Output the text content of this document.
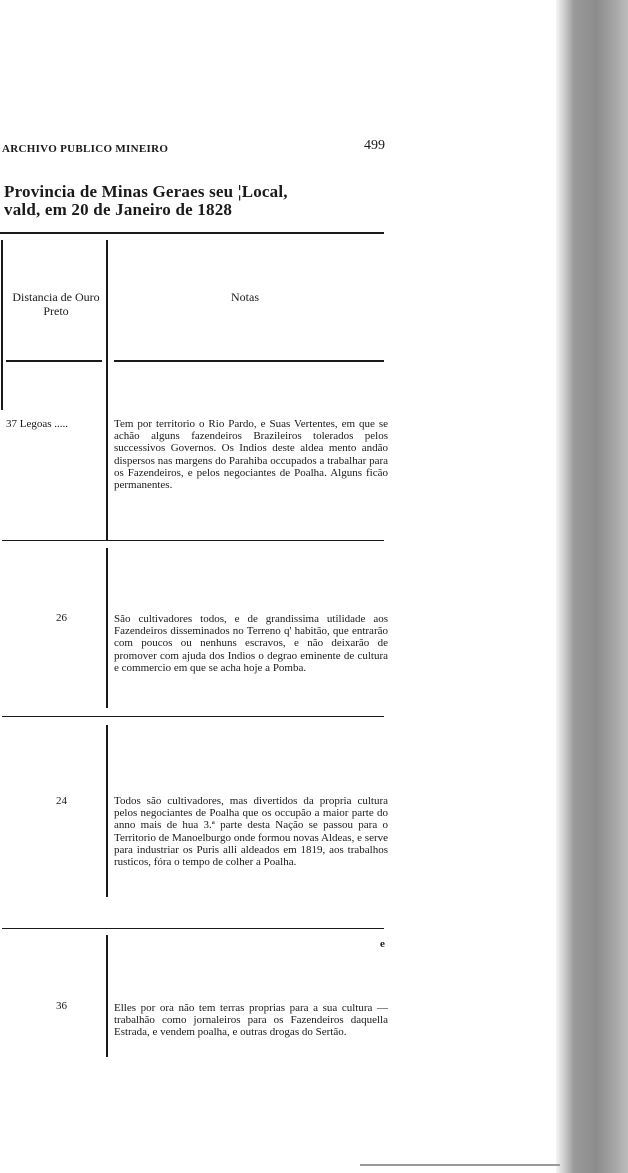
ARCHIVO PUBLICO MINEIRO	499
Provincia de Minas Geraes seu ¦Local,
vald, em 20 de Janeiro de 1828
Distancia de Ouro Preto
Notas
37 Legoas .....	Tem por territorio o Rio Pardo, e Suas Vertentes, em que se achão alguns fazendeiros Brazileiros tolerados pelos successivos Governos. Os Indios deste aldea mento andão dispersos nas margens do Parahiba occupados a trabalhar para os Fazendeiros, e pelos negociantes de Poalha. Alguns ficão permanentes.
26	São cultivadores todos, e de grandissima utilidade aos Fazendeiros disseminados no Terreno q' habitão, que entrarão com poucos ou nenhuns escravos, e não deixarão de promover com ajuda dos Indios o degrao eminente de cultura e commercio em que se acha hoje a Pomba.
24	Todos são cultivadores, mas divertidos da propria cultura pelos negociantes de Poalha que os occupão a maior parte do anno mais de hua 3.ª parte desta Nação se passou para o Territorio de Manoelburgo onde formou novas Aldeas, e serve para industriar os Puris alli aldeados em 1819, aos trabalhos rusticos, fóra o tempo de colher a Poalha.
e
36	Elles por ora não tem terras proprias para a sua cultura — trabalhão como jornaleiros para os Fazendeiros daquella Estrada, e vendem poalha, e outras drogas do Sertão.
